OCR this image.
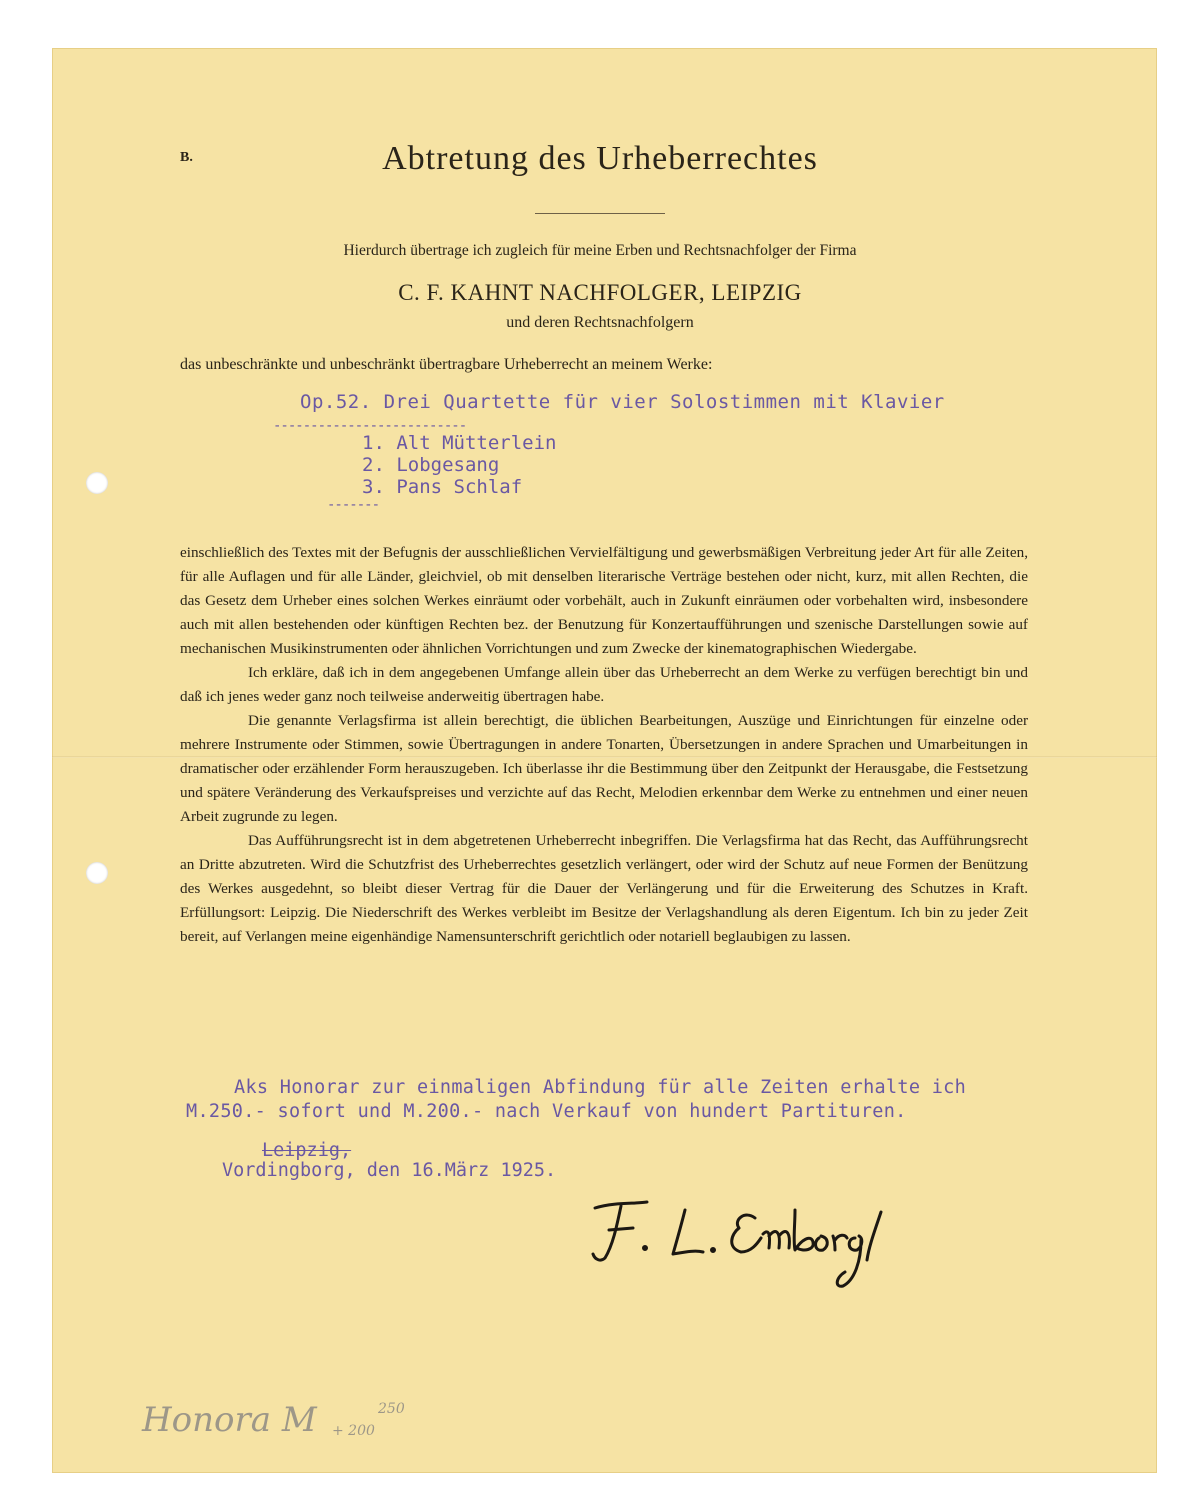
B.	Abtretung des Urheberrechtes
Hierdurch übertrage ich zugleich für meine Erben und Rechtsnachfolger der Firma
C. F. KAHNT NACHFOLGER, LEIPZIG
und deren Rechtsnachfolgern
das unbeschränkte und unbeschränkt übertragbare Urheberrecht an meinem Werke:
Op.52. Drei Quartette für vier Solostimmen mit Klavier
--------------------------
1. Alt Mütterlein
2. Lobgesang
3. Pans Schlaf
-------

einschließlich des Textes mit der Befugnis der ausschließlichen Vervielfältigung und gewerbsmäßigen Verbreitung jeder Art für alle Zeiten, für alle Auflagen und für alle Länder, gleichviel, ob mit denselben literarische Verträge bestehen oder nicht, kurz, mit allen Rechten, die das Gesetz dem Urheber eines solchen Werkes einräumt oder vorbehält, auch in Zukunft einräumen oder vorbehalten wird, insbesondere auch mit allen bestehenden oder künftigen Rechten bez. der Benutzung für Konzertaufführungen und szenische Darstellungen sowie auf mechanischen Musikinstrumenten oder ähnlichen Vorrichtungen und zum Zwecke der kinematographischen Wiedergabe.

Ich erkläre, daß ich in dem angegebenen Umfange allein über das Urheberrecht an dem Werke zu verfügen berechtigt bin und daß ich jenes weder ganz noch teilweise anderweitig übertragen habe.

Die genannte Verlagsfirma ist allein berechtigt, die üblichen Bearbeitungen, Auszüge und Einrichtungen für einzelne oder mehrere Instrumente oder Stimmen, sowie Übertragungen in andere Tonarten, Übersetzungen in andere Sprachen und Umarbeitungen in dramatischer oder erzählender Form herauszugeben. Ich überlasse ihr die Bestimmung über den Zeitpunkt der Herausgabe, die Festsetzung und spätere Veränderung des Verkaufspreises und verzichte auf das Recht, Melodien erkennbar dem Werke zu entnehmen und einer neuen Arbeit zugrunde zu legen.

Das Aufführungsrecht ist in dem abgetretenen Urheberrecht inbegriffen. Die Verlagsfirma hat das Recht, das Aufführungsrecht an Dritte abzutreten. Wird die Schutzfrist des Urheberrechtes gesetzlich verlängert, oder wird der Schutz auf neue Formen der Benützung des Werkes ausgedehnt, so bleibt dieser Vertrag für die Dauer der Verlängerung und für die Erweiterung des Schutzes in Kraft. Erfüllungsort: Leipzig. Die Niederschrift des Werkes verbleibt im Besitze der Verlagshandlung als deren Eigentum. Ich bin zu jeder Zeit bereit, auf Verlangen meine eigenhändige Namensunterschrift gerichtlich oder notariell beglaubigen zu lassen.

Aks Honorar zur einmaligen Abfindung für alle Zeiten erhalte ich
M.250.- sofort und M.200.- nach Verkauf von hundert Partituren.
Leipzig,
Vordingborg, den 16.März 1925.
Honora M	250
+ 200
